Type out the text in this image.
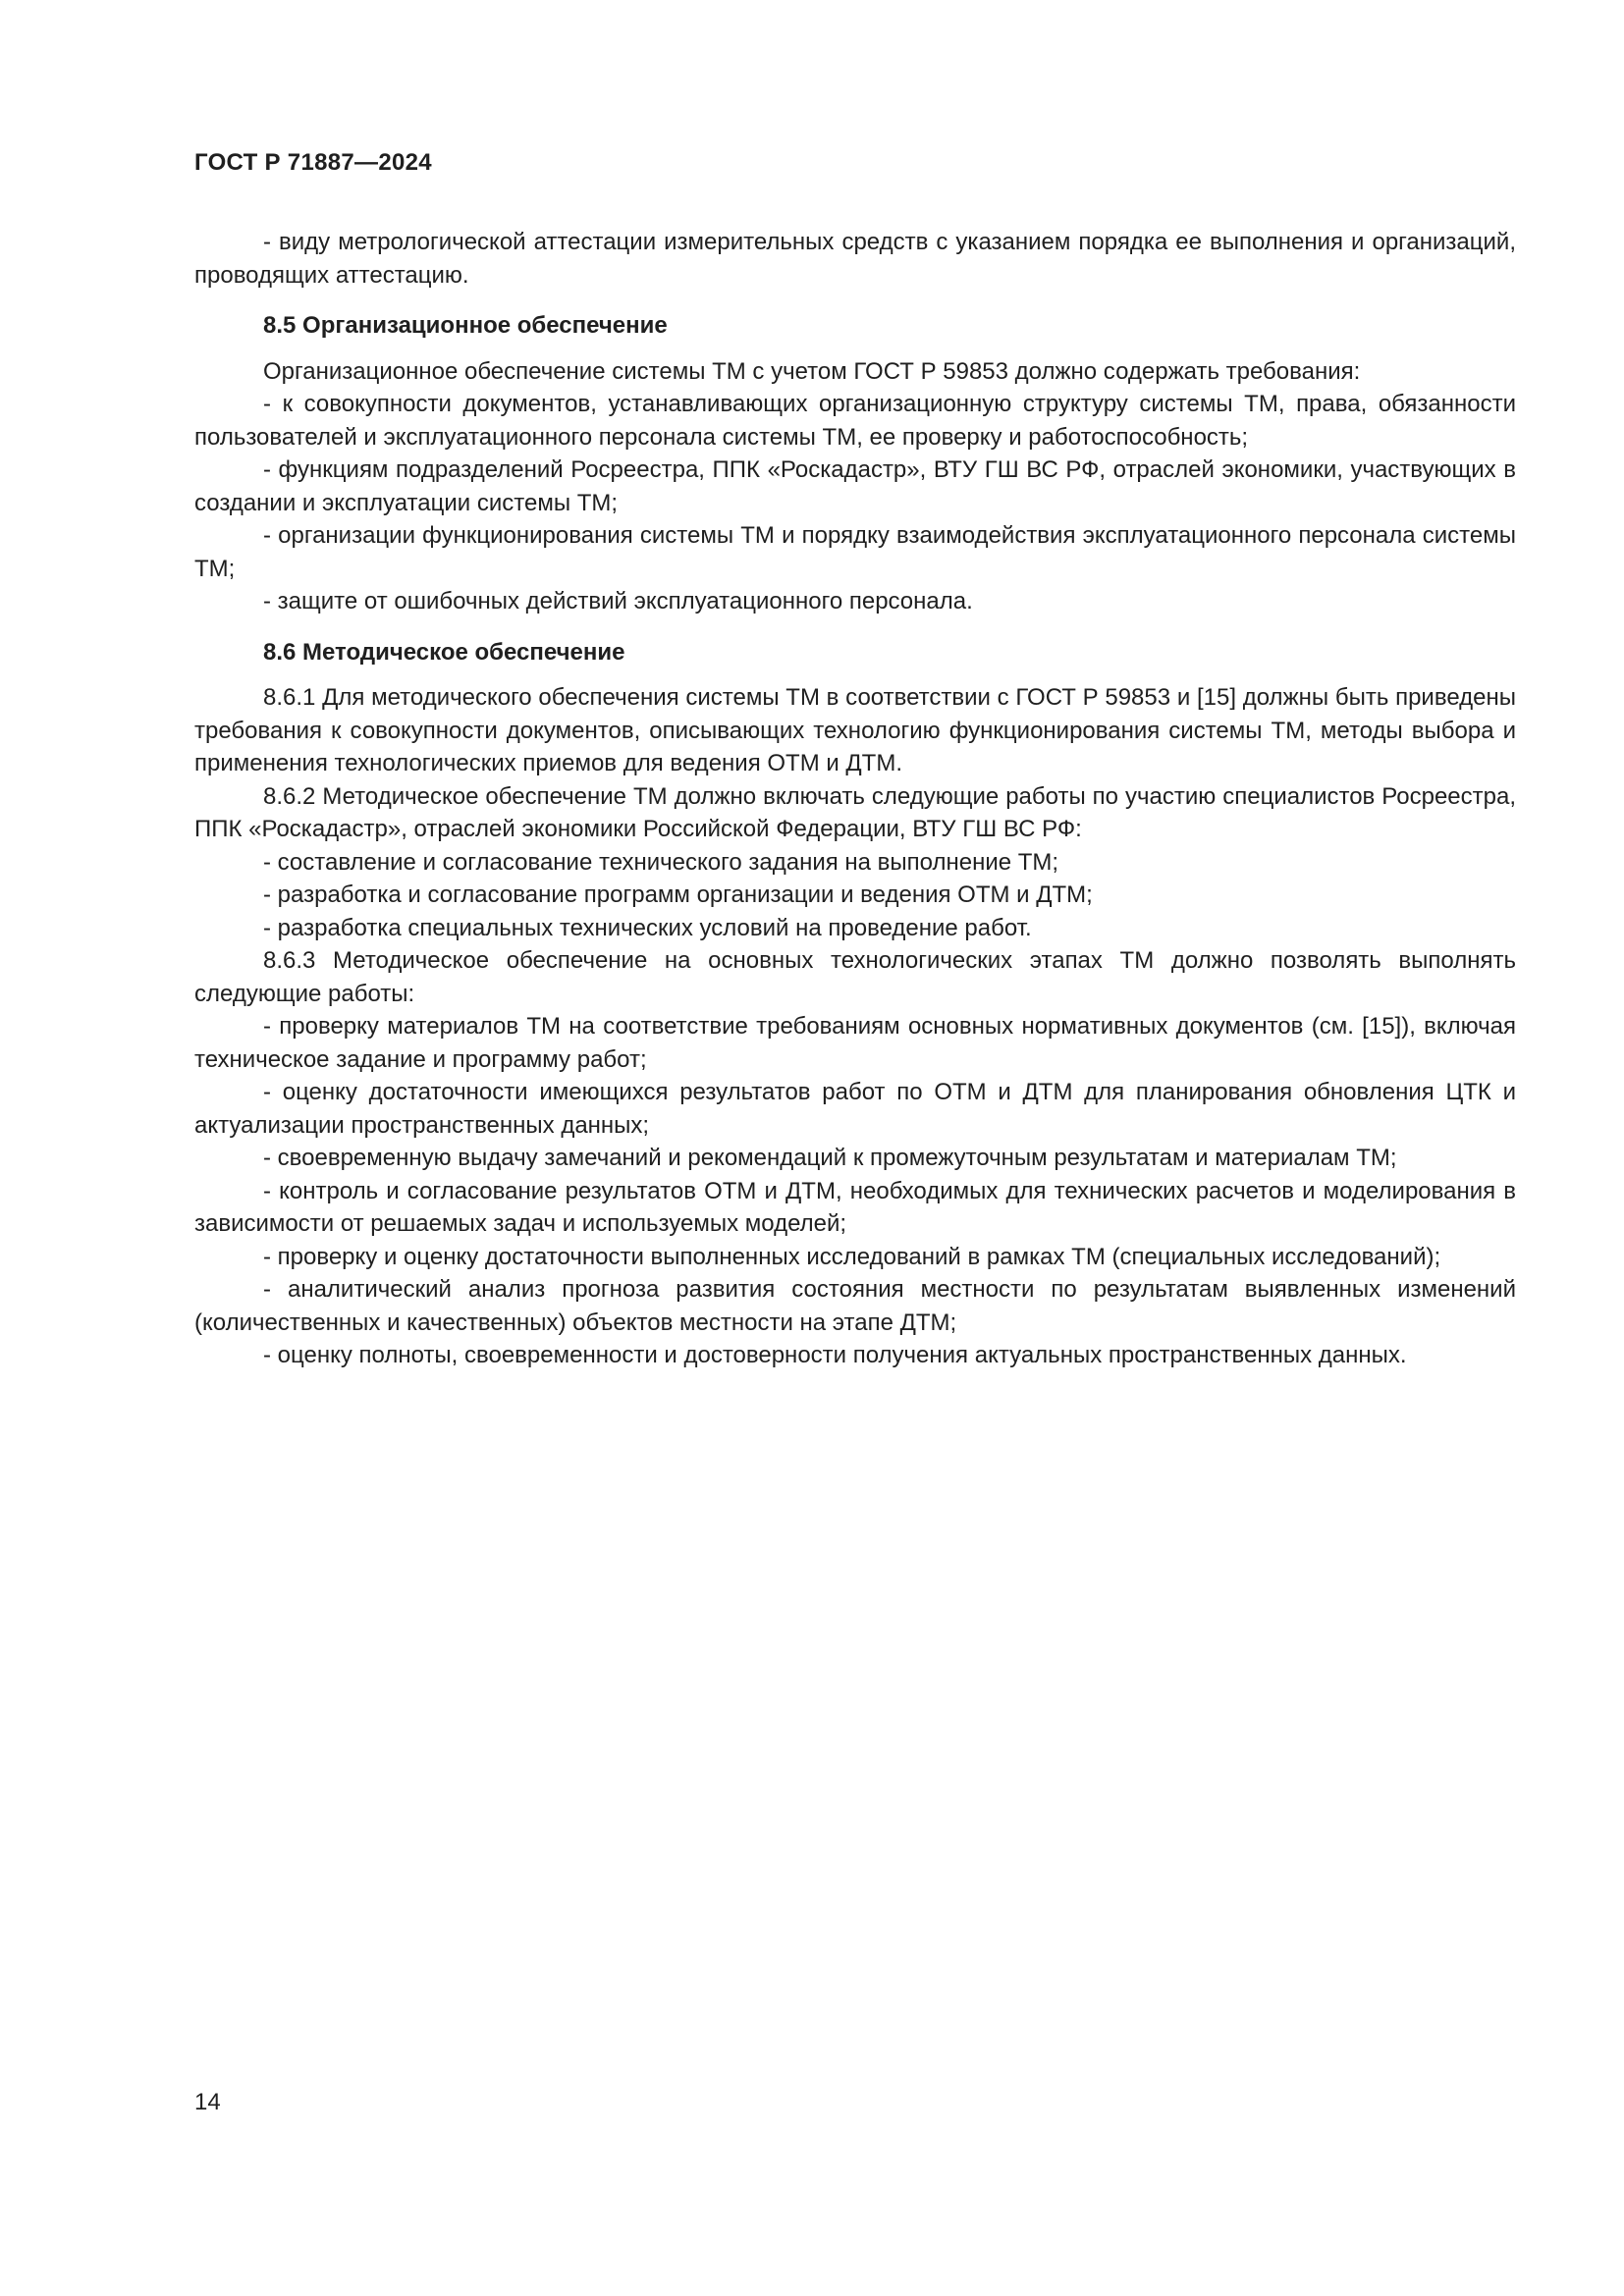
ГОСТ Р 71887—2024

- виду метрологической аттестации измерительных средств с указанием порядка ее выполнения и организаций, проводящих аттестацию.

8.5 Организационное обеспечение

Организационное обеспечение системы ТМ с учетом ГОСТ Р 59853 должно содержать требования:

- к совокупности документов, устанавливающих организационную структуру системы ТМ, права, обязанности пользователей и эксплуатационного персонала системы ТМ, ее проверку и работоспособность;

- функциям подразделений Росреестра, ППК «Роскадастр», ВТУ ГШ ВС РФ, отраслей экономики, участвующих в создании и эксплуатации системы ТМ;

- организации функционирования системы ТМ и порядку взаимодействия эксплуатационного персонала системы ТМ;

- защите от ошибочных действий эксплуатационного персонала.

8.6 Методическое обеспечение

8.6.1 Для методического обеспечения системы ТМ в соответствии с ГОСТ Р 59853 и [15] должны быть приведены требования к совокупности документов, описывающих технологию функционирования системы ТМ, методы выбора и применения технологических приемов для ведения ОТМ и ДТМ.

8.6.2 Методическое обеспечение ТМ должно включать следующие работы по участию специалистов Росреестра, ППК «Роскадастр», отраслей экономики Российской Федерации, ВТУ ГШ ВС РФ:

- составление и согласование технического задания на выполнение ТМ;

- разработка и согласование программ организации и ведения ОТМ и ДТМ;

- разработка специальных технических условий на проведение работ.

8.6.3 Методическое обеспечение на основных технологических этапах ТМ должно позволять выполнять следующие работы:

- проверку материалов ТМ на соответствие требованиям основных нормативных документов (см. [15]), включая техническое задание и программу работ;

- оценку достаточности имеющихся результатов работ по ОТМ и ДТМ для планирования обновления ЦТК и актуализации пространственных данных;

- своевременную выдачу замечаний и рекомендаций к промежуточным результатам и материалам ТМ;

- контроль и согласование результатов ОТМ и ДТМ, необходимых для технических расчетов и моделирования в зависимости от решаемых задач и используемых моделей;

- проверку и оценку достаточности выполненных исследований в рамках ТМ (специальных исследований);

- аналитический анализ прогноза развития состояния местности по результатам выявленных изменений (количественных и качественных) объектов местности на этапе ДТМ;

- оценку полноты, своевременности и достоверности получения актуальных пространственных данных.

14
